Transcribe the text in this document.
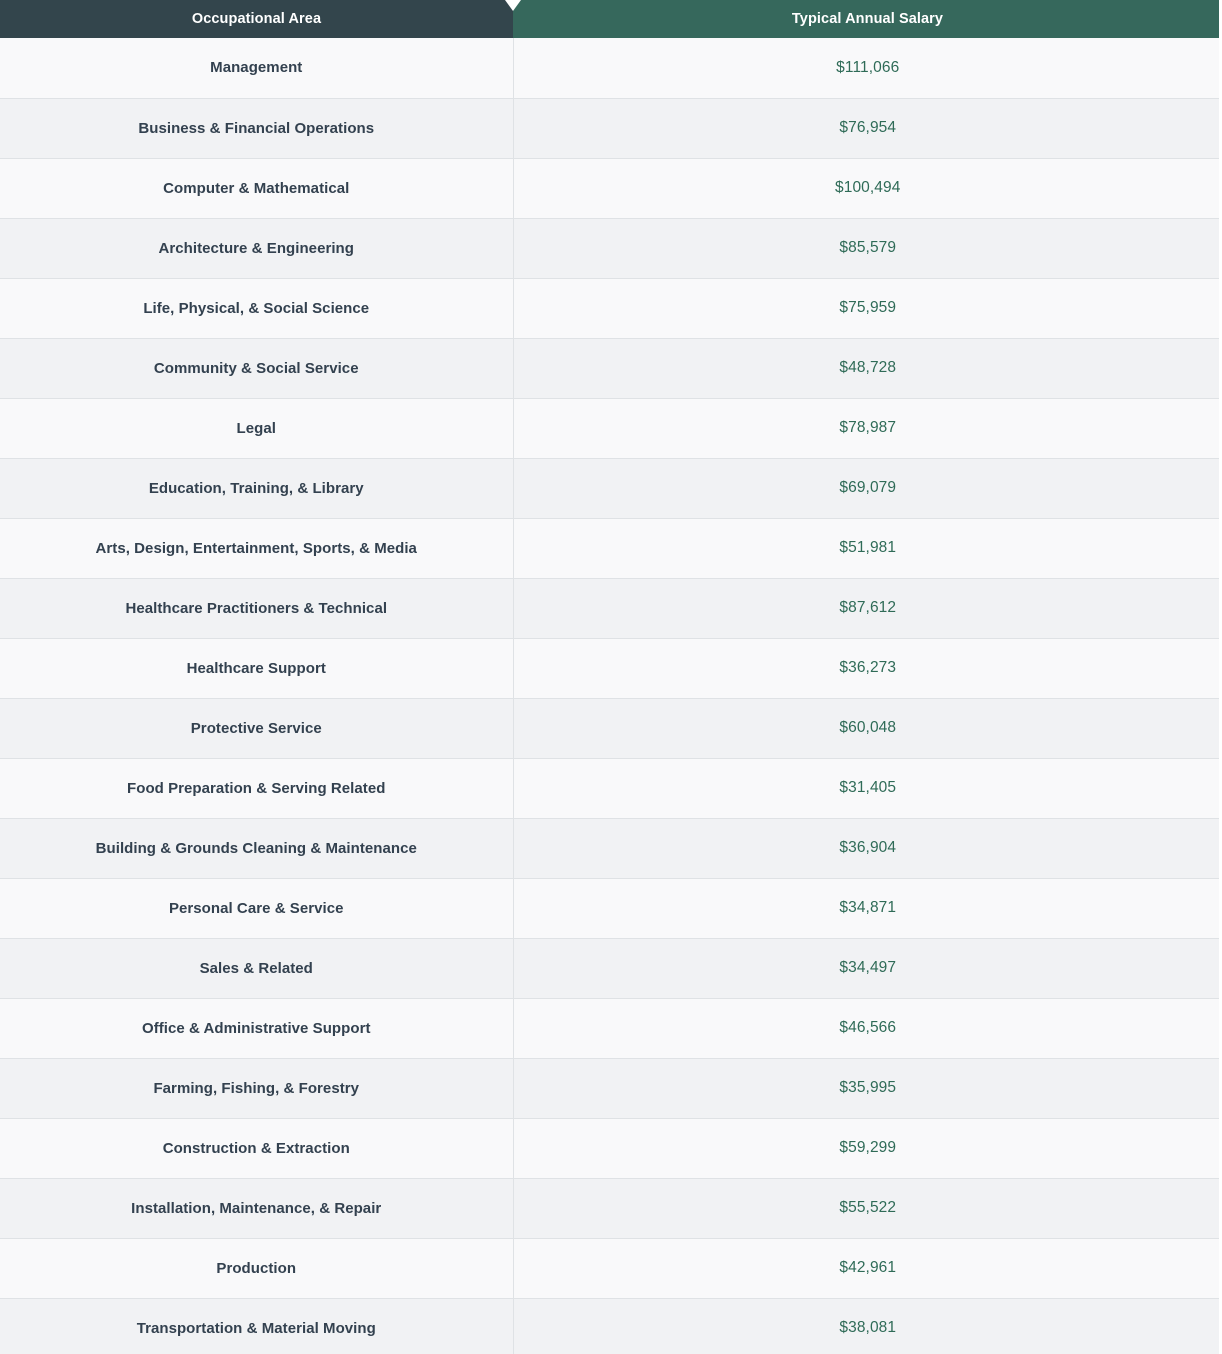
Occupational Area	Typical Annual Salary
Management	$111,066
Business & Financial Operations	$76,954
Computer & Mathematical	$100,494
Architecture & Engineering	$85,579
Life, Physical, & Social Science	$75,959
Community & Social Service	$48,728
Legal	$78,987
Education, Training, & Library	$69,079
Arts, Design, Entertainment, Sports, & Media	$51,981
Healthcare Practitioners & Technical	$87,612
Healthcare Support	$36,273
Protective Service	$60,048
Food Preparation & Serving Related	$31,405
Building & Grounds Cleaning & Maintenance	$36,904
Personal Care & Service	$34,871
Sales & Related	$34,497
Office & Administrative Support	$46,566
Farming, Fishing, & Forestry	$35,995
Construction & Extraction	$59,299
Installation, Maintenance, & Repair	$55,522
Production	$42,961
Transportation & Material Moving	$38,081
